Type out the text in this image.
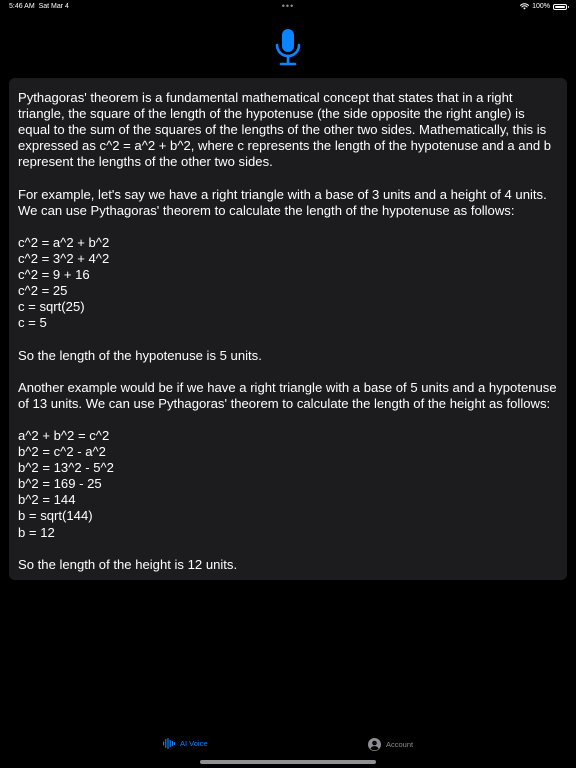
5:46 AM Sat Mar 4	•••	100%

Pythagoras' theorem is a fundamental mathematical concept that states that in a right triangle, the square of the length of the hypotenuse (the side opposite the right angle) is equal to the sum of the squares of the lengths of the other two sides. Mathematically, this is expressed as c^2 = a^2 + b^2, where c represents the length of the hypotenuse and a and b represent the lengths of the other two sides.

For example, let's say we have a right triangle with a base of 3 units and a height of 4 units. We can use Pythagoras' theorem to calculate the length of the hypotenuse as follows:

c^2 = a^2 + b^2
c^2 = 3^2 + 4^2
c^2 = 9 + 16
c^2 = 25
c = sqrt(25)
c = 5

So the length of the hypotenuse is 5 units.

Another example would be if we have a right triangle with a base of 5 units and a hypotenuse of 13 units. We can use Pythagoras' theorem to calculate the length of the height as follows:

a^2 + b^2 = c^2
b^2 = c^2 - a^2
b^2 = 13^2 - 5^2
b^2 = 169 - 25
b^2 = 144
b = sqrt(144)
b = 12

So the length of the height is 12 units.

AI Voice	Account
